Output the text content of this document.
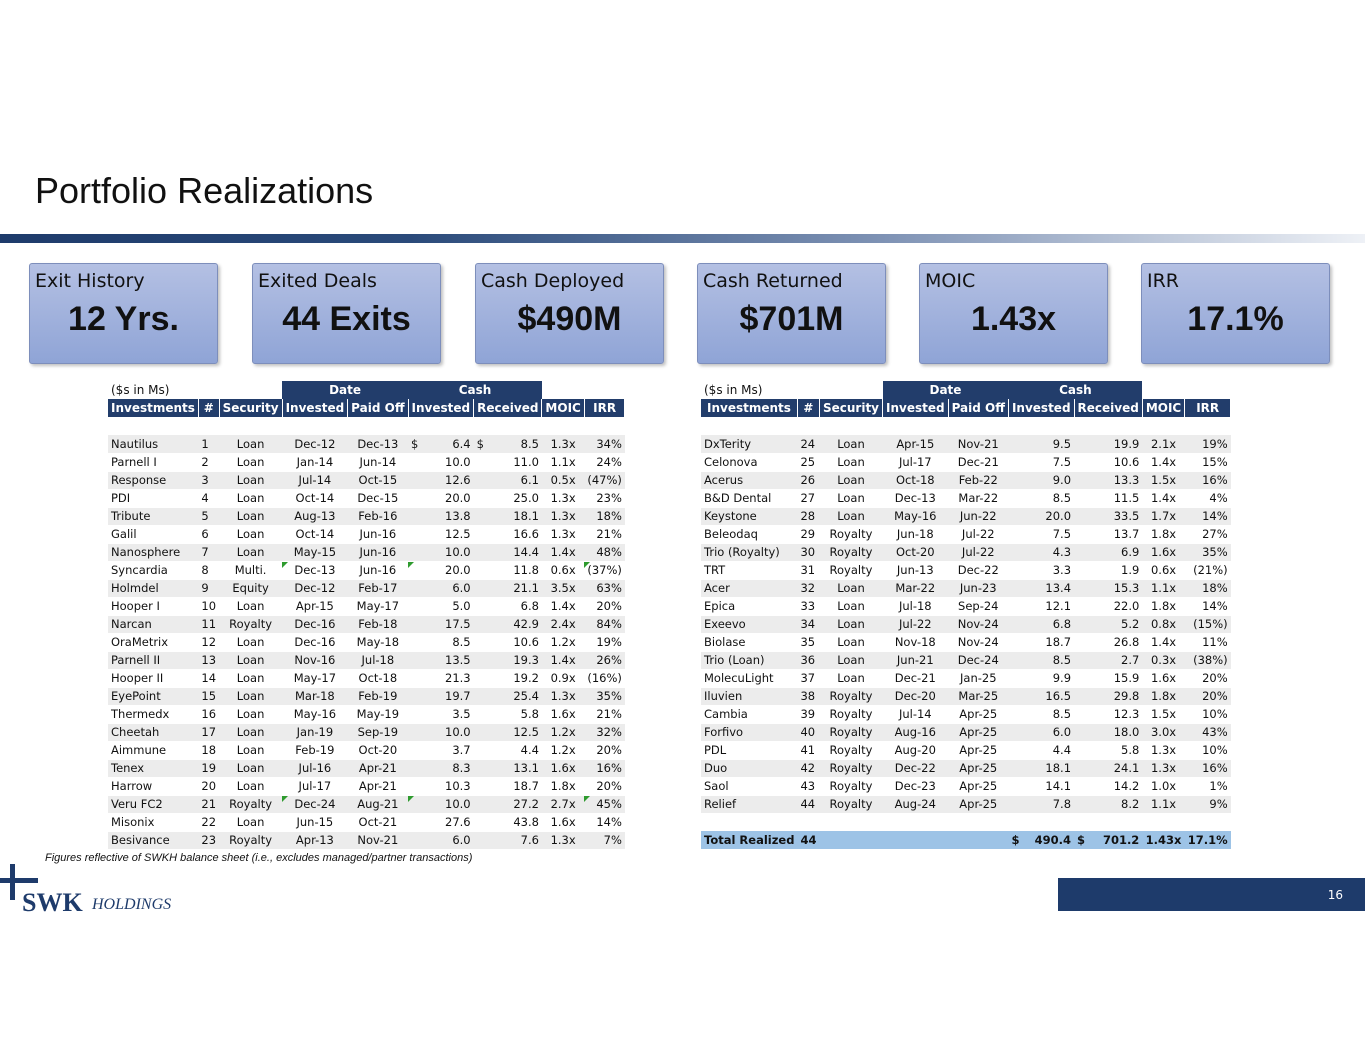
Portfolio Realizations
Exit History
12 Yrs.
Exited Deals
44 Exits
Cash Deployed
$490M
Cash Returned
$701M
MOIC
1.43x
IRR
17.1%
($s in Ms)			Date		Cash			
Investments	#	Security	Invested	Paid Off	Invested	Received	MOIC	IRR

Nautilus	1	Loan	Dec-12	Dec-13	$ 6.4	$ 8.5	1.3x	34%
Parnell I	2	Loan	Jan-14	Jun-14	10.0	11.0	1.1x	24%
Response	3	Loan	Jul-14	Oct-15	12.6	6.1	0.5x	(47%)
PDI	4	Loan	Oct-14	Dec-15	20.0	25.0	1.3x	23%
Tribute	5	Loan	Aug-13	Feb-16	13.8	18.1	1.3x	18%
Galil	6	Loan	Oct-14	Jun-16	12.5	16.6	1.3x	21%
Nanosphere	7	Loan	May-15	Jun-16	10.0	14.4	1.4x	48%
Syncardia	8	Multi.	Dec-13	Jun-16	20.0	11.8	0.6x	(37%)
Holmdel	9	Equity	Dec-12	Feb-17	6.0	21.1	3.5x	63%
Hooper I	10	Loan	Apr-15	May-17	5.0	6.8	1.4x	20%
Narcan	11	Royalty	Dec-16	Feb-18	17.5	42.9	2.4x	84%
OraMetrix	12	Loan	Dec-16	May-18	8.5	10.6	1.2x	19%
Parnell II	13	Loan	Nov-16	Jul-18	13.5	19.3	1.4x	26%
Hooper II	14	Loan	May-17	Oct-18	21.3	19.2	0.9x	(16%)
EyePoint	15	Loan	Mar-18	Feb-19	19.7	25.4	1.3x	35%
Thermedx	16	Loan	May-16	May-19	3.5	5.8	1.6x	21%
Cheetah	17	Loan	Jan-19	Sep-19	10.0	12.5	1.2x	32%
Aimmune	18	Loan	Feb-19	Oct-20	3.7	4.4	1.2x	20%
Tenex	19	Loan	Jul-16	Apr-21	8.3	13.1	1.6x	16%
Harrow	20	Loan	Jul-17	Apr-21	10.3	18.7	1.8x	20%
Veru FC2	21	Royalty	Dec-24	Aug-21	10.0	27.2	2.7x	45%
Misonix	22	Loan	Jun-15	Oct-21	27.6	43.8	1.6x	14%
Besivance	23	Royalty	Apr-13	Nov-21	6.0	7.6	1.3x	7%
($s in Ms)			Date		Cash			
Investments	#	Security	Invested	Paid Off	Invested	Received	MOIC	IRR

DxTerity	24	Loan	Apr-15	Nov-21	9.5	19.9	2.1x	19%
Celonova	25	Loan	Jul-17	Dec-21	7.5	10.6	1.4x	15%
Acerus	26	Loan	Oct-18	Feb-22	9.0	13.3	1.5x	16%
B&D Dental	27	Loan	Dec-13	Mar-22	8.5	11.5	1.4x	4%
Keystone	28	Loan	May-16	Jun-22	20.0	33.5	1.7x	14%
Beleodaq	29	Royalty	Jun-18	Jul-22	7.5	13.7	1.8x	27%
Trio (Royalty)	30	Royalty	Oct-20	Jul-22	4.3	6.9	1.6x	35%
TRT	31	Royalty	Jun-13	Dec-22	3.3	1.9	0.6x	(21%)
Acer	32	Loan	Mar-22	Jun-23	13.4	15.3	1.1x	18%
Epica	33	Loan	Jul-18	Sep-24	12.1	22.0	1.8x	14%
Exeevo	34	Loan	Jul-22	Nov-24	6.8	5.2	0.8x	(15%)
Biolase	35	Loan	Nov-18	Nov-24	18.7	26.8	1.4x	11%
Trio (Loan)	36	Loan	Jun-21	Dec-24	8.5	2.7	0.3x	(38%)
MolecuLight	37	Loan	Dec-21	Jan-25	9.9	15.9	1.6x	20%
Iluvien	38	Royalty	Dec-20	Mar-25	16.5	29.8	1.8x	20%
Cambia	39	Royalty	Jul-14	Apr-25	8.5	12.3	1.5x	10%
Forfivo	40	Royalty	Aug-16	Apr-25	6.0	18.0	3.0x	43%
PDL	41	Royalty	Aug-20	Apr-25	4.4	5.8	1.3x	10%
Duo	42	Royalty	Dec-22	Apr-25	18.1	24.1	1.3x	16%
Saol	43	Royalty	Dec-23	Apr-25	14.1	14.2	1.0x	1%
Relief	44	Royalty	Aug-24	Apr-25	7.8	8.2	1.1x	9%

Total Realized	44				$ 490.4	$ 701.2	1.43x	17.1%
Figures reflective of SWKH balance sheet (i.e., excludes managed/partner transactions)
SWK HOLDINGS
16
